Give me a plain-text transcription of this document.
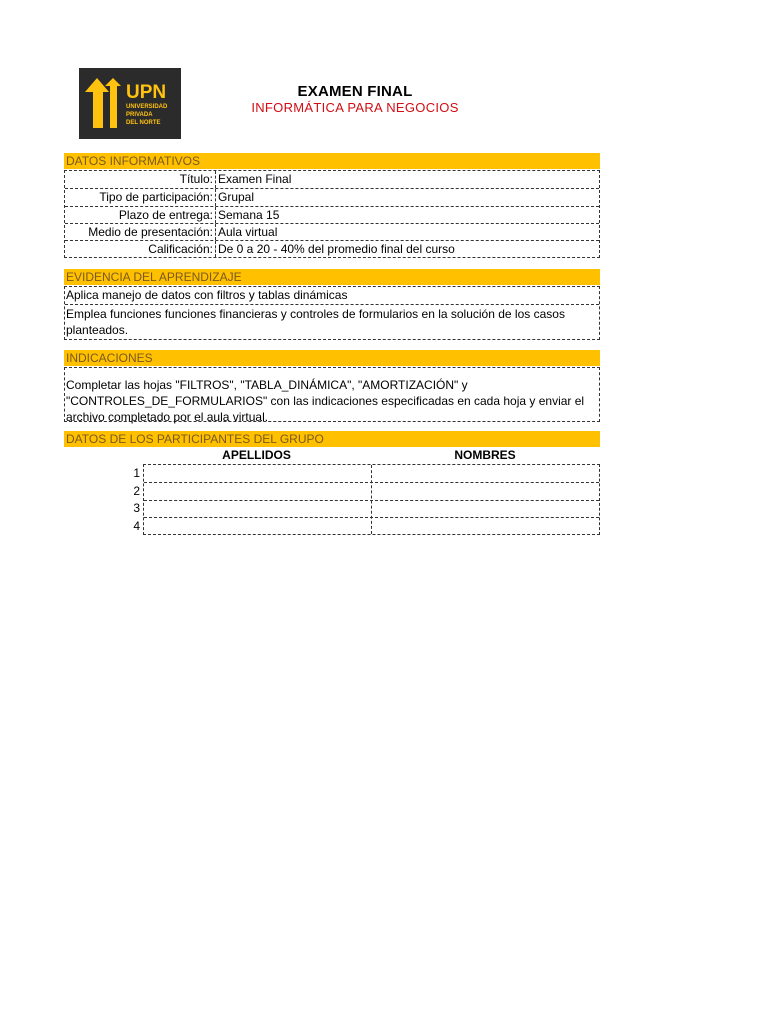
UPN
UNIVERSIDAD
PRIVADA
DEL NORTE
EXAMEN FINAL
INFORMÁTICA PARA NEGOCIOS
DATOS INFORMATIVOS
Título: Examen Final
Tipo de participación: Grupal
Plazo de entrega: Semana 15
Medio de presentación: Aula virtual
Calificación: De 0 a 20 - 40% del promedio final del curso
EVIDENCIA DEL APRENDIZAJE
Aplica manejo de datos con filtros y tablas dinámicas
Emplea funciones funciones financieras y controles de formularios en la solución de los casos planteados.
INDICACIONES
Completar las hojas "FILTROS", "TABLA_DINÁMICA", "AMORTIZACIÓN" y "CONTROLES_DE_FORMULARIOS" con las indicaciones especificadas en cada hoja y enviar el archivo completado por el aula virtual.
DATOS DE LOS PARTICIPANTES DEL GRUPO
APELLIDOS	NOMBRES
1
2
3
4
